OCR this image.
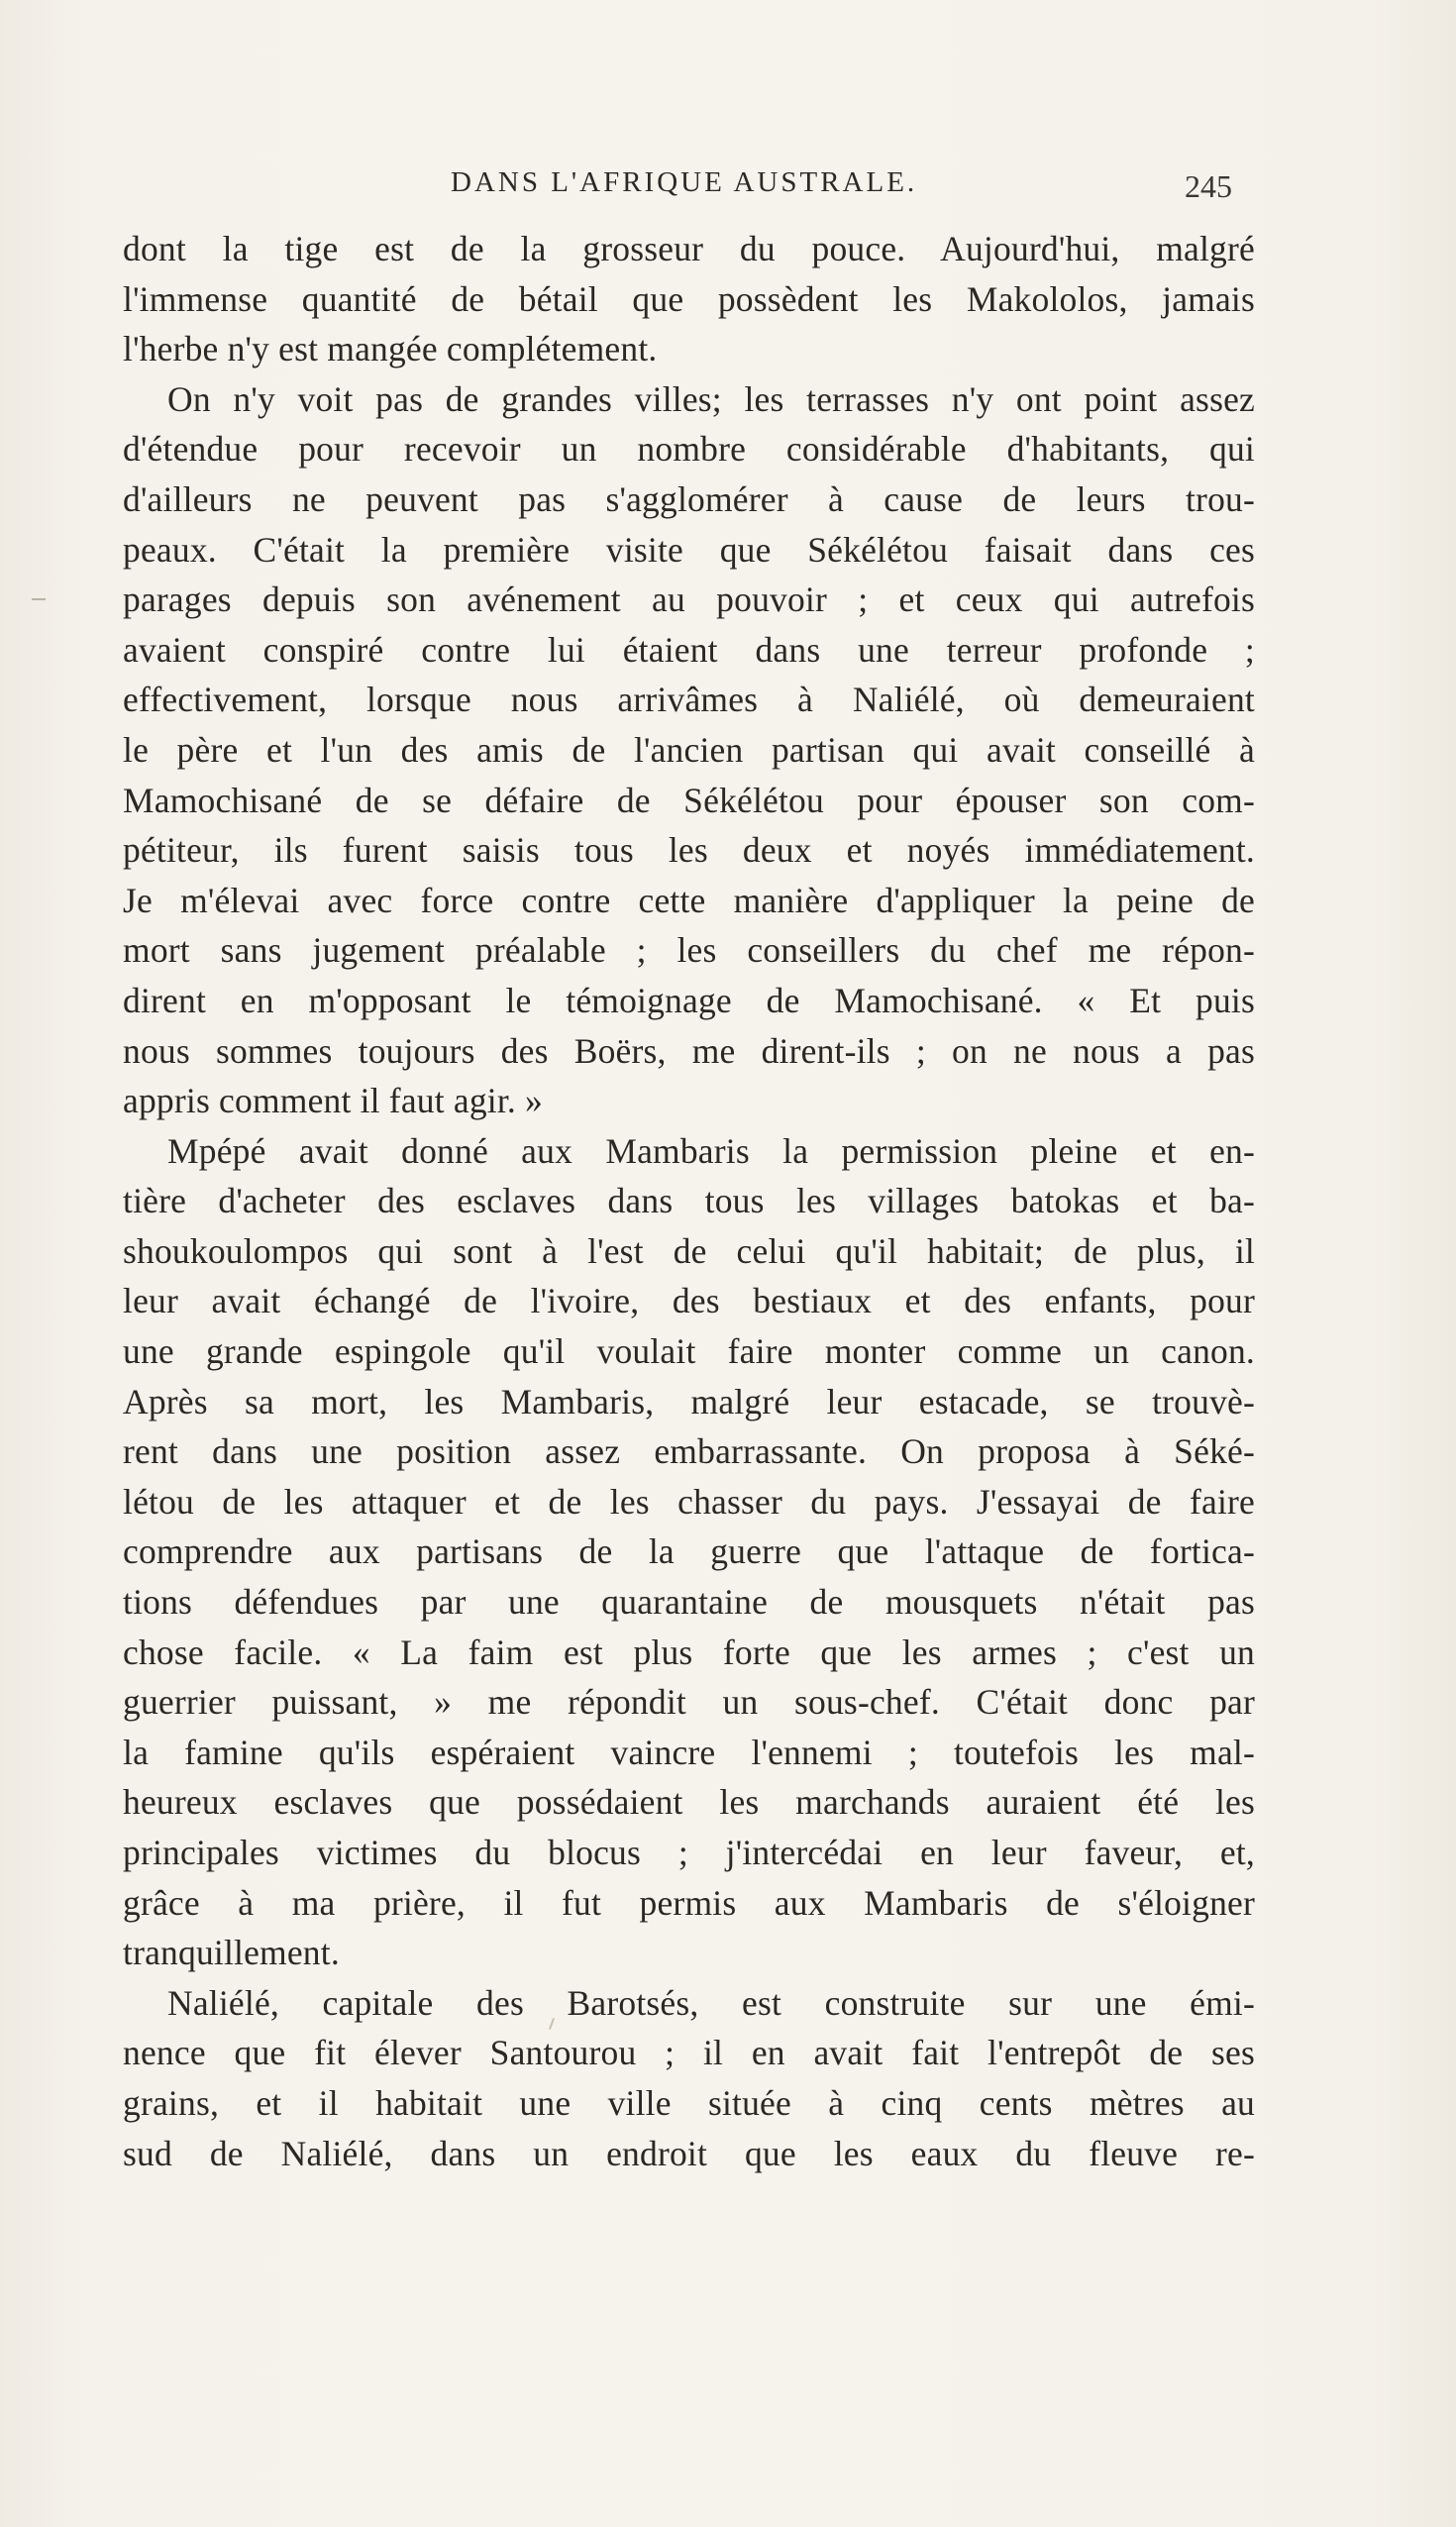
DANS L'AFRIQUE AUSTRALE.	245
dont la tige est de la grosseur du pouce. Aujourd'hui, malgré
l'immense quantité de bétail que possèdent les Makololos, jamais
l'herbe n'y est mangée complétement.
On n'y voit pas de grandes villes; les terrasses n'y ont point assez
d'étendue pour recevoir un nombre considérable d'habitants, qui
d'ailleurs ne peuvent pas s'agglomérer à cause de leurs trou-
peaux. C'était la première visite que Sékélétou faisait dans ces
parages depuis son avénement au pouvoir ; et ceux qui autrefois
avaient conspiré contre lui étaient dans une terreur profonde ;
effectivement, lorsque nous arrivâmes à Naliélé, où demeuraient
le père et l'un des amis de l'ancien partisan qui avait conseillé à
Mamochisané de se défaire de Sékélétou pour épouser son com-
pétiteur, ils furent saisis tous les deux et noyés immédiatement.
Je m'élevai avec force contre cette manière d'appliquer la peine de
mort sans jugement préalable ; les conseillers du chef me répon-
dirent en m'opposant le témoignage de Mamochisané. « Et puis
nous sommes toujours des Boërs, me dirent-ils ; on ne nous a pas
appris comment il faut agir. »
Mpépé avait donné aux Mambaris la permission pleine et en-
tière d'acheter des esclaves dans tous les villages batokas et ba-
shoukoulompos qui sont à l'est de celui qu'il habitait; de plus, il
leur avait échangé de l'ivoire, des bestiaux et des enfants, pour
une grande espingole qu'il voulait faire monter comme un canon.
Après sa mort, les Mambaris, malgré leur estacade, se trouvè-
rent dans une position assez embarrassante. On proposa à Séké-
létou de les attaquer et de les chasser du pays. J'essayai de faire
comprendre aux partisans de la guerre que l'attaque de fortica-
tions défendues par une quarantaine de mousquets n'était pas
chose facile. « La faim est plus forte que les armes ; c'est un
guerrier puissant, » me répondit un sous-chef. C'était donc par
la famine qu'ils espéraient vaincre l'ennemi ; toutefois les mal-
heureux esclaves que possédaient les marchands auraient été les
principales victimes du blocus ; j'intercédai en leur faveur, et,
grâce à ma prière, il fut permis aux Mambaris de s'éloigner
tranquillement.
Naliélé, capitale des Barotsés, est construite sur une émi-
nence que fit élever Santourou ; il en avait fait l'entrepôt de ses
grains, et il habitait une ville située à cinq cents mètres au
sud de Naliélé, dans un endroit que les eaux du fleuve re-
